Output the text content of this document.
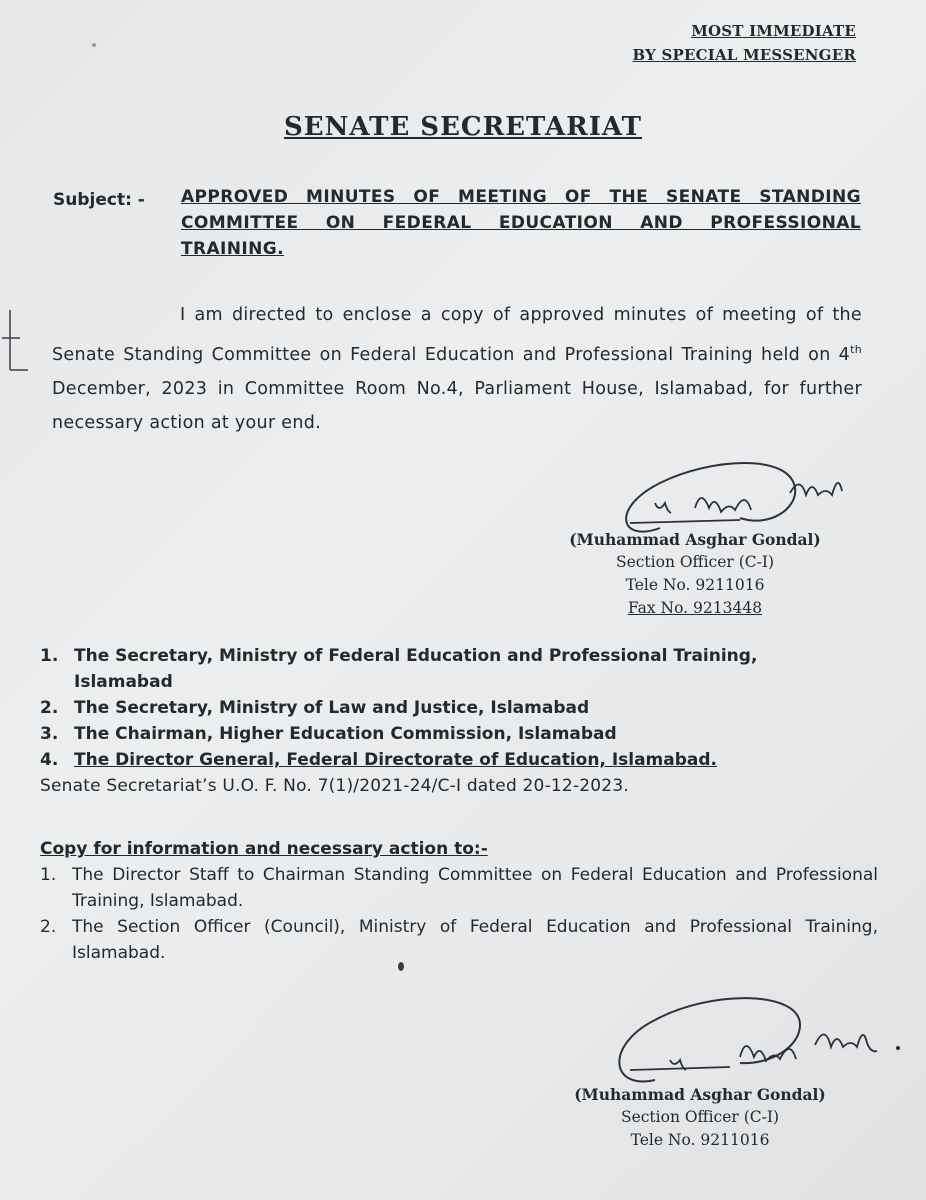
MOST IMMEDIATE
BY SPECIAL MESSENGER
SENATE SECRETARIAT
Subject: - APPROVED MINUTES OF MEETING OF THE SENATE STANDING COMMITTEE ON FEDERAL EDUCATION AND PROFESSIONAL TRAINING.
I am directed to enclose a copy of approved minutes of meeting of the Senate Standing Committee on Federal Education and Professional Training held on 4th December, 2023 in Committee Room No.4, Parliament House, Islamabad, for further necessary action at your end.
(Muhammad Asghar Gondal)
Section Officer (C-I)
Tele No. 9211016
Fax No. 9213448
1. The Secretary, Ministry of Federal Education and Professional Training,
Islamabad
2. The Secretary, Ministry of Law and Justice, Islamabad
3. The Chairman, Higher Education Commission, Islamabad
4. The Director General, Federal Directorate of Education, Islamabad.
Senate Secretariat’s U.O. F. No. 7(1)/2021-24/C-I dated 20-12-2023.
Copy for information and necessary action to:-
1. The Director Staff to Chairman Standing Committee on Federal Education and Professional Training, Islamabad.
2. The Section Officer (Council), Ministry of Federal Education and Professional Training, Islamabad.
(Muhammad Asghar Gondal)
Section Officer (C-I)
Tele No. 9211016
